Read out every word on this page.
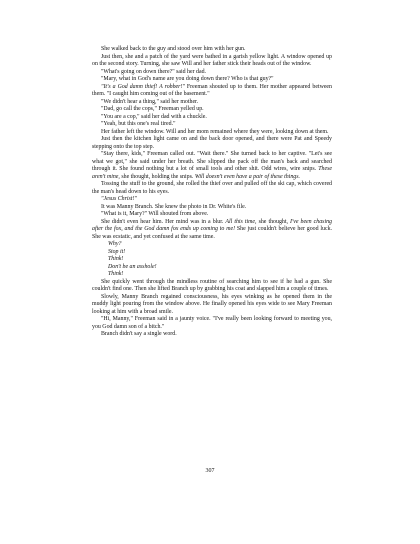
She walked back to the guy and stood over him with her gun.

Just then, she and a patch of the yard were bathed in a garish yellow light. A window opened up on the second story. Turning, she saw Will and her father stick their heads out of the window.

"What's going on down there?" said her dad.

"Mary, what in God's name are you doing down there? Who is that guy?"

"It's a God damn thief! A robber!" Freeman shouted up to them. Her mother appeared between them. "I caught him coming out of the basement."

"We didn't hear a thing," said her mother.

"Dad, go call the cops," Freeman yelled up.

"You are a cop," said her dad with a chuckle.

"Yeah, but this one's real tired."

Her father left the window. Will and her mom remained where they were, looking down at them.

Just then the kitchen light came on and the back door opened, and there were Pat and Speedy stepping onto the top step.

"Stay there, kids," Freeman called out. "Wait there." She turned back to her captive. "Let's see what we got," she said under her breath. She slipped the pack off the man's back and searched through it. She found nothing but a lot of small tools and other shit. Odd wires, wire snips. These aren't mine, she thought, holding the snips. Will doesn't even have a pair of these things.

Tossing the stuff to the ground, she rolled the thief over and pulled off the ski cap, which covered the man's head down to his eyes.

"Jesus Christ!"

It was Manny Branch. She knew the photo in Dr. White's file.

"What is it, Mary?" Will shouted from above.

She didn't even hear him. Her mind was in a blur. All this time, she thought, I've been chasing after the fox, and the God damn fox ends up coming to me! She just couldn't believe her good luck. She was ecstatic, and yet confused at the same time.

Why?

Stop it!

Think!

Don't be an asshole!

Think!

She quickly went through the mindless routine of searching him to see if he had a gun. She couldn't find one. Then she lifted Branch up by grabbing his coat and slapped him a couple of times.

Slowly, Manny Branch regained consciousness, his eyes winking as he opened them in the muddy light pouring from the window above. He finally opened his eyes wide to see Mary Freeman looking at him with a broad smile.

"Hi, Manny," Freeman said in a jaunty voice. "I've really been looking forward to meeting you, you God damn son of a bitch."

Branch didn't say a single word.

307
